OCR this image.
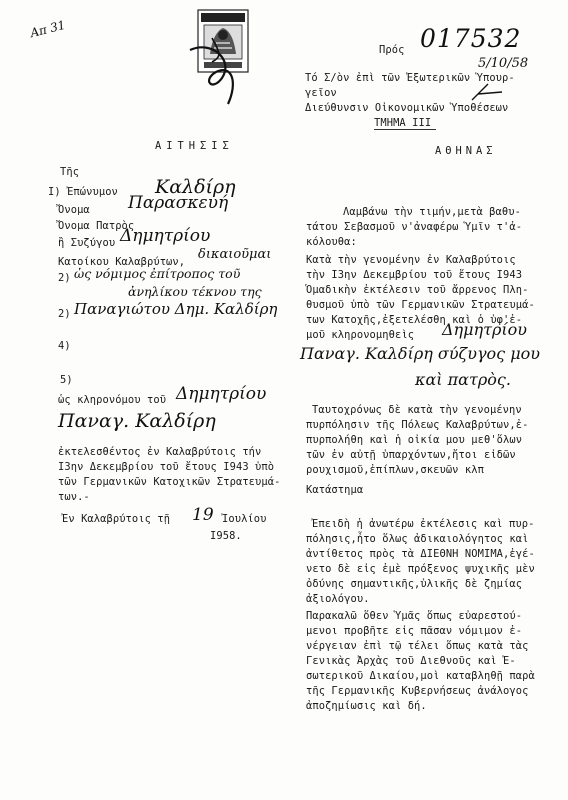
Απ 31	017532
5/10/58
Πρός
Τό Σ/ὸν ἐπὶ τῶν Ἐξωτερικῶν Ὑπουρ-
γεῖον
Διεύθυνσιν Οἰκονομικῶν Ὑποθέσεων
ΤΜΗΜΑ ΙΙΙ
ΑΘΗΝΑΣ
ΑΙΤΗΣΙΣ
Τῆς
Ι) Ἐπώνυμον Καλδίρη
Ὄνομα Παρασκευή
Ὄνομα Πατρὸς
ἢ Συζύγου Δημητρίου
Κατοίκου Καλαβρύτων, δικαιοῦμαι
2) ὡς νόμιμος ἐπίτροπος τοῦ
ἀνηλίκου τέκνου της
2) Παναγιώτου Δημ. Καλδίρη
4)
5)
ὡς κληρονόμου τοῦ Δημητρίου
Παναγ. Καλδίρη
ἐκτελεσθέντος ἐν Καλαβρύτοις τήν
Ι3ην Δεκεμβρίου τοῦ ἔτους Ι943 ὑπὸ
τῶν Γερμανικῶν Κατοχικῶν Στρατευμά-
των.-
Ἐν Καλαβρύτοις τῇ 19 Ἰουλίου
Ι958.
Λαμβάνω τὴν τιμήν,μετὰ βαθυ-
τάτου Σεβασμοῦ ν'ἀναφέρω Ὑμῖν τ'ἀ-
κόλουθα:
Κατὰ τὴν γενομένην ἐν Καλαβρύτοις
τὴν Ι3ην Δεκεμβρίου τοῦ ἔτους Ι943
Ὁμαδικὴν ἐκτέλεσιν τοῦ ἄρρενος Πλη-
θυσμοῦ ὑπὸ τῶν Γερμανικῶν Στρατευμά-
των Κατοχῆς,ἐξετελέσθη καὶ ὁ ὑφ'ἐ-
μοῦ κληρονομηθεὶς Δημητρίου
Παναγ. Καλδίρη σύζυγος μου
καὶ πατρὸς.
Ταυτοχρόνως δὲ κατὰ τὴν γενομένην
πυρπόλησιν τῆς Πόλεως Καλαβρύτων,ἐ-
πυρπολήθη καὶ ἡ οἰκία μου μεθ'ὅλων
τῶν ἐν αὐτῇ ὑπαρχόντων,ἤτοι εἰδῶν
ρουχισμοῦ,ἐπίπλων,σκευῶν κλπ
Κατάστημα
Ἐπειδὴ ἡ ἀνωτέρω ἐκτέλεσις καὶ πυρ-
πόλησις,ἦτο ὅλως ἀδικαιολόγητος καὶ
ἀντίθετος πρὸς τὰ ΔΙΕΘΝΗ ΝΟΜΙΜΑ,ἐγέ-
νετο δὲ εἰς ἐμὲ πρόξενος ψυχικῆς μὲν
ὀδύνης σημαντικῆς,ὑλικῆς δὲ ζημίας
ἀξιολόγου.
Παρακαλῶ ὅθεν Ὑμᾶς ὅπως εὐαρεστού-
μενοι προβῆτε εἰς πᾶσαν νόμιμον ἐ-
νέργειαν ἐπὶ τῷ τέλει ὅπως κατὰ τὰς
Γενικὰς Ἀρχὰς τοῦ Διεθνοῦς καὶ Ἐ-
σωτερικοῦ Δικαίου,μοὶ καταβληθῇ παρὰ
τῆς Γερμανικῆς Κυβερνήσεως ἀνάλογος
ἀποζημίωσις καὶ δή.
